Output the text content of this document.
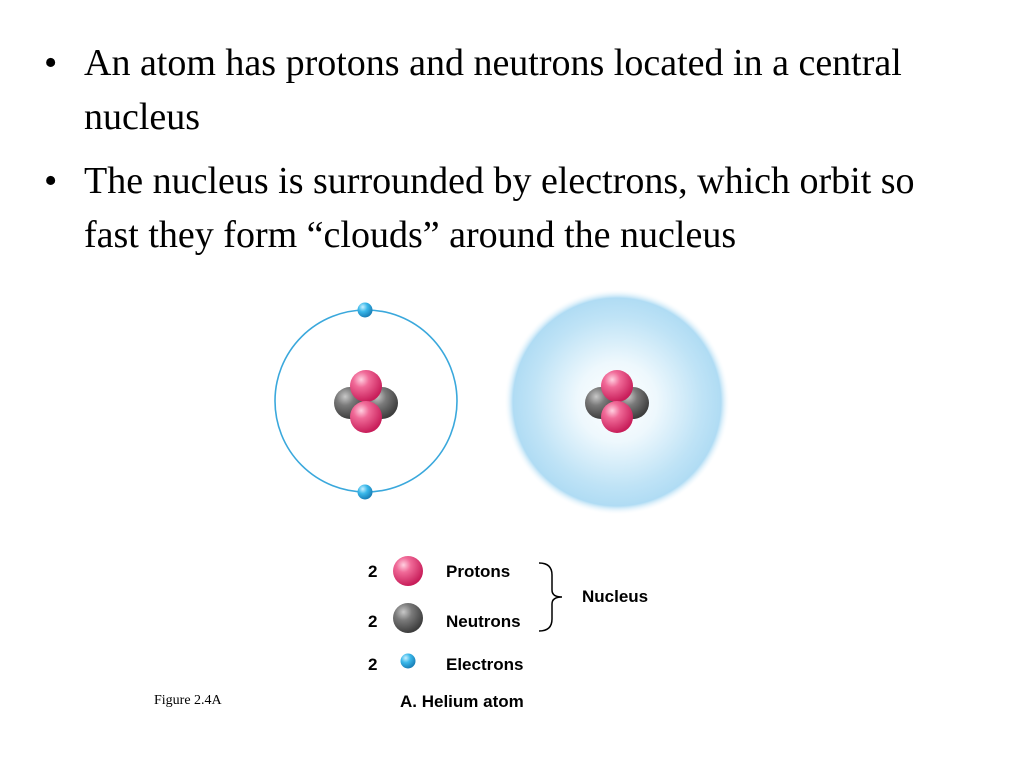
• An atom has protons and neutrons located in a central nucleus
• The nucleus is surrounded by electrons, which orbit so fast they form “clouds” around the nucleus
2	Protons
2	Neutrons
2	Electrons
Nucleus
A. Helium atom
Figure 2.4A
